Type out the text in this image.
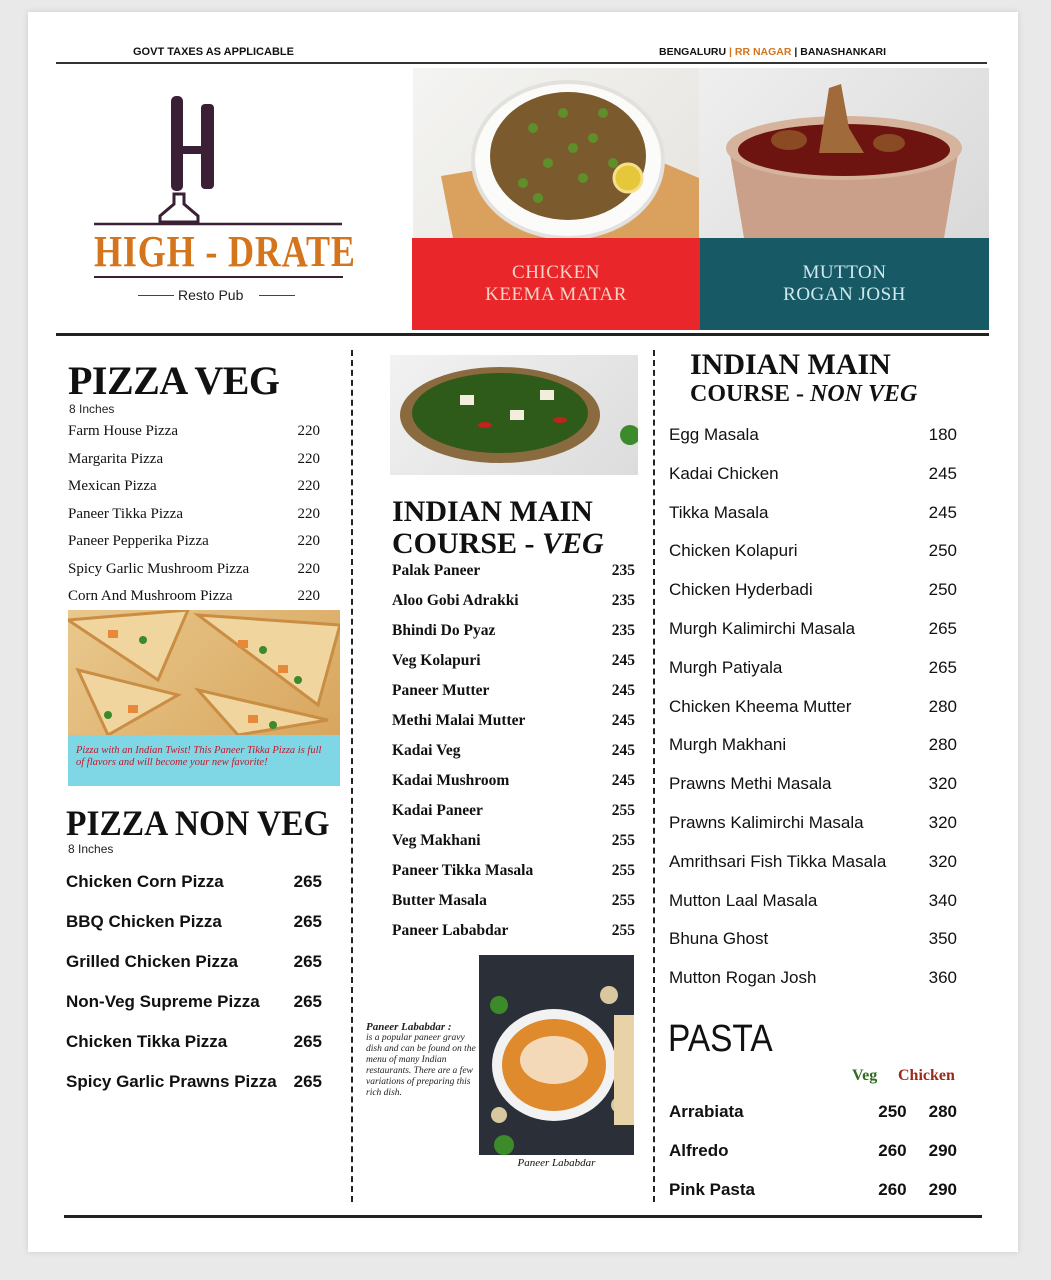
GOVT TAXES AS APPLICABLE	BENGALURU | RR NAGAR | BANASHANKARI
HIGH - DRATE
Resto Pub
CHICKEN
KEEMA MATAR
MUTTON
ROGAN JOSH
PIZZA VEG
8 Inches
Pizza with an Indian Twist! This Paneer Tikka Pizza is full of flavors and will become your new favorite!
PIZZA NON VEG
8 Inches
INDIAN MAIN
COURSE - VEG
Paneer Lababdar :
is a popular paneer gravy dish and can be found on the menu of many Indian restaurants. There are a few variations of preparing this rich dish.
Paneer Lababdar
INDIAN MAIN
COURSE - NON VEG
PASTA
Veg Chicken
Farm House Pizza	220
Margarita Pizza	220
Mexican Pizza	220
Paneer Tikka Pizza	220
Paneer Pepperika Pizza	220
Spicy Garlic Mushroom Pizza	220
Corn And Mushroom Pizza	220
Chicken Corn Pizza	265
BBQ Chicken Pizza	265
Grilled Chicken Pizza	265
Non-Veg Supreme Pizza 265
Chicken Tikka Pizza	265
Spicy Garlic Prawns Pizza 265
Palak Paneer	235
Aloo Gobi Adrakki	235
Bhindi Do Pyaz	235
Veg Kolapuri	245
Paneer Mutter	245
Methi Malai Mutter	245
Kadai Veg	245
Kadai Mushroom	245
Kadai Paneer	255
Veg Makhani	255
Paneer Tikka Masala	255
Butter Masala	255
Paneer Lababdar	255
Egg Masala	180
Kadai Chicken	245
Tikka Masala	245
Chicken Kolapuri	250
Chicken Hyderbadi	250
Murgh Kalimirchi Masala	265
Murgh Patiyala	265
Chicken Kheema Mutter	280
Murgh Makhani	280
Prawns Methi Masala	320
Prawns Kalimirchi Masala	320
Amrithsari Fish Tikka Masala 320
Mutton Laal Masala	340
Bhuna Ghost	350
Mutton Rogan Josh	360
Arrabiata	250 280
Alfredo	260 290
Pink Pasta	260 290
